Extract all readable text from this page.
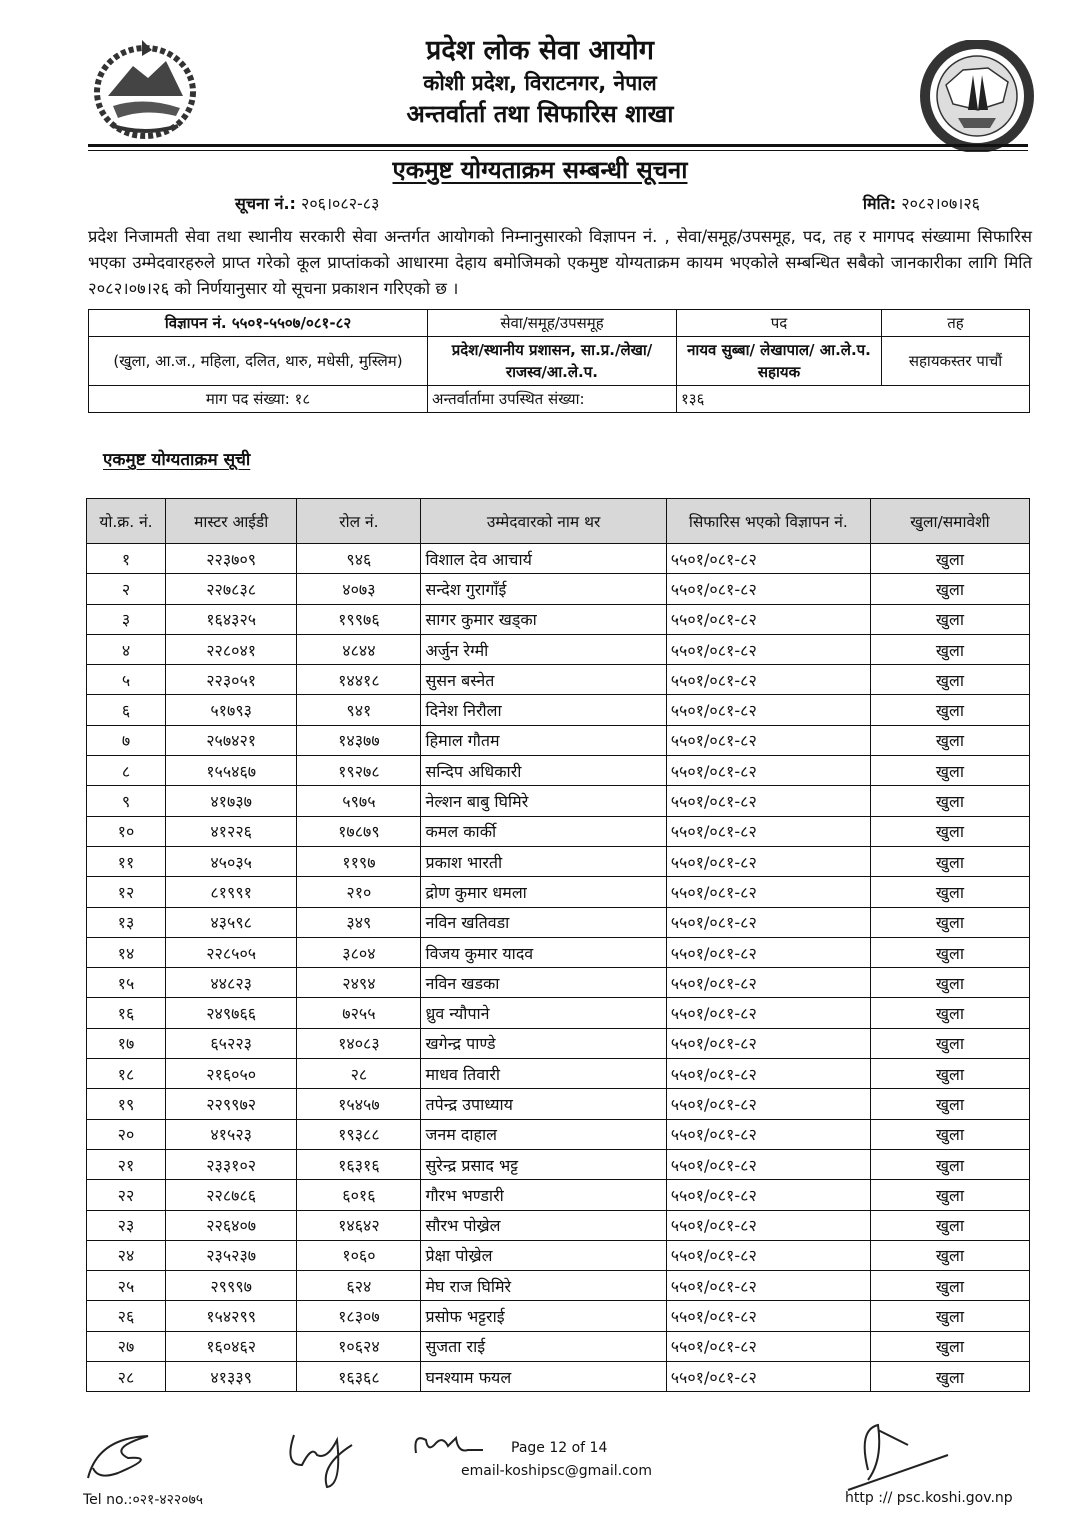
प्रदेश लोक सेवा आयोग
कोशी प्रदेश, विराटनगर, नेपाल
अन्तर्वार्ता तथा सिफारिस शाखा
एकमुष्ट योग्यताक्रम सम्बन्धी सूचना
सूचना नं.: २०६।०८२-८३	मिति: २०८२।०७।२६
प्रदेश निजामती सेवा तथा स्थानीय सरकारी सेवा अन्तर्गत आयोगको निम्नानुसारको विज्ञापन नं. , सेवा/समूह/उपसमूह, पद, तह र मागपद संख्यामा सिफारिस भएका उम्मेदवारहरुले प्राप्त गरेको कूल प्राप्तांकको आधारमा देहाय बमोजिमको एकमुष्ट योग्यताक्रम कायम भएकोले सम्बन्धित सबैको जानकारीका लागि मिति २०८२।०७।२६ को निर्णयानुसार यो सूचना प्रकाशन गरिएको छ ।
विज्ञापन नं. ५५०१-५५०७/०८१-८२	सेवा/समूह/उपसमूह	पद	तह
(खुला, आ.ज., महिला, दलित, थारु, मधेसी, मुस्लिम)	प्रदेश/स्थानीय प्रशासन, सा.प्र./लेखा/राजस्व/आ.ले.प.	नायव सुब्बा/ लेखापाल/ आ.ले.प. सहायक	सहायकस्तर पाचौं
माग पद संख्या: १८	अन्तर्वार्तामा उपस्थित संख्या:	१३६	
एकमुष्ट योग्यताक्रम सूची
यो.क्र. नं.	मास्टर आईडी	रोल नं.	उम्मेदवारको नाम थर	सिफारिस भएको विज्ञापन नं.	खुला/समावेशी
१	२२३७०९	९४६	विशाल देव आचार्य	५५०१/०८१-८२	खुला
२	२२७८३८	४०७३	सन्देश गुरागाँई	५५०१/०८१-८२	खुला
३	१६४३२५	१९९७६	सागर कुमार खड्का	५५०१/०८१-८२	खुला
४	२२८०४१	४८४४	अर्जुन रेग्मी	५५०१/०८१-८२	खुला
५	२२३०५१	१४४१८	सुसन बस्नेत	५५०१/०८१-८२	खुला
६	५१७९३	९४१	दिनेश निरौला	५५०१/०८१-८२	खुला
७	२५७४२१	१४३७७	हिमाल गौतम	५५०१/०८१-८२	खुला
८	१५५४६७	१९२७८	सन्दिप अधिकारी	५५०१/०८१-८२	खुला
९	४१७३७	५९७५	नेल्शन बाबु घिमिरे	५५०१/०८१-८२	खुला
१०	४१२२६	१७८७९	कमल कार्की	५५०१/०८१-८२	खुला
११	४५०३५	११९७	प्रकाश भारती	५५०१/०८१-८२	खुला
१२	८१९९१	२१०	द्रोण कुमार धमला	५५०१/०८१-८२	खुला
१३	४३५९८	३४९	नविन खतिवडा	५५०१/०८१-८२	खुला
१४	२२८५०५	३८०४	विजय कुमार यादव	५५०१/०८१-८२	खुला
१५	४४८२३	२४९४	नविन खडका	५५०१/०८१-८२	खुला
१६	२४९७६६	७२५५	ध्रुव न्यौपाने	५५०१/०८१-८२	खुला
१७	६५२२३	१४०८३	खगेन्द्र पाण्डे	५५०१/०८१-८२	खुला
१८	२१६०५०	२८	माधव तिवारी	५५०१/०८१-८२	खुला
१९	२२९९७२	१५४५७	तपेन्द्र उपाध्याय	५५०१/०८१-८२	खुला
२०	४१५२३	१९३८८	जनम दाहाल	५५०१/०८१-८२	खुला
२१	२३३१०२	१६३१६	सुरेन्द्र प्रसाद भट्ट	५५०१/०८१-८२	खुला
२२	२२८७८६	६०१६	गौरभ भण्डारी	५५०१/०८१-८२	खुला
२३	२२६४०७	१४६४२	सौरभ पोख्रेल	५५०१/०८१-८२	खुला
२४	२३५२३७	१०६०	प्रेक्षा पोख्रेल	५५०१/०८१-८२	खुला
२५	२९९९७	६२४	मेघ राज घिमिरे	५५०१/०८१-८२	खुला
२६	१५४२९९	१८३०७	प्रसोफ भट्टराई	५५०१/०८१-८२	खुला
२७	१६०४६२	१०६२४	सुजता राई	५५०१/०८१-८२	खुला
२८	४१३३९	१६३६८	घनश्याम फयल	५५०१/०८१-८२	खुला
Tel no.:०२१-४२२०७५
Page 12 of 14
email-koshipsc@gmail.com
http :// psc.koshi.gov.np
